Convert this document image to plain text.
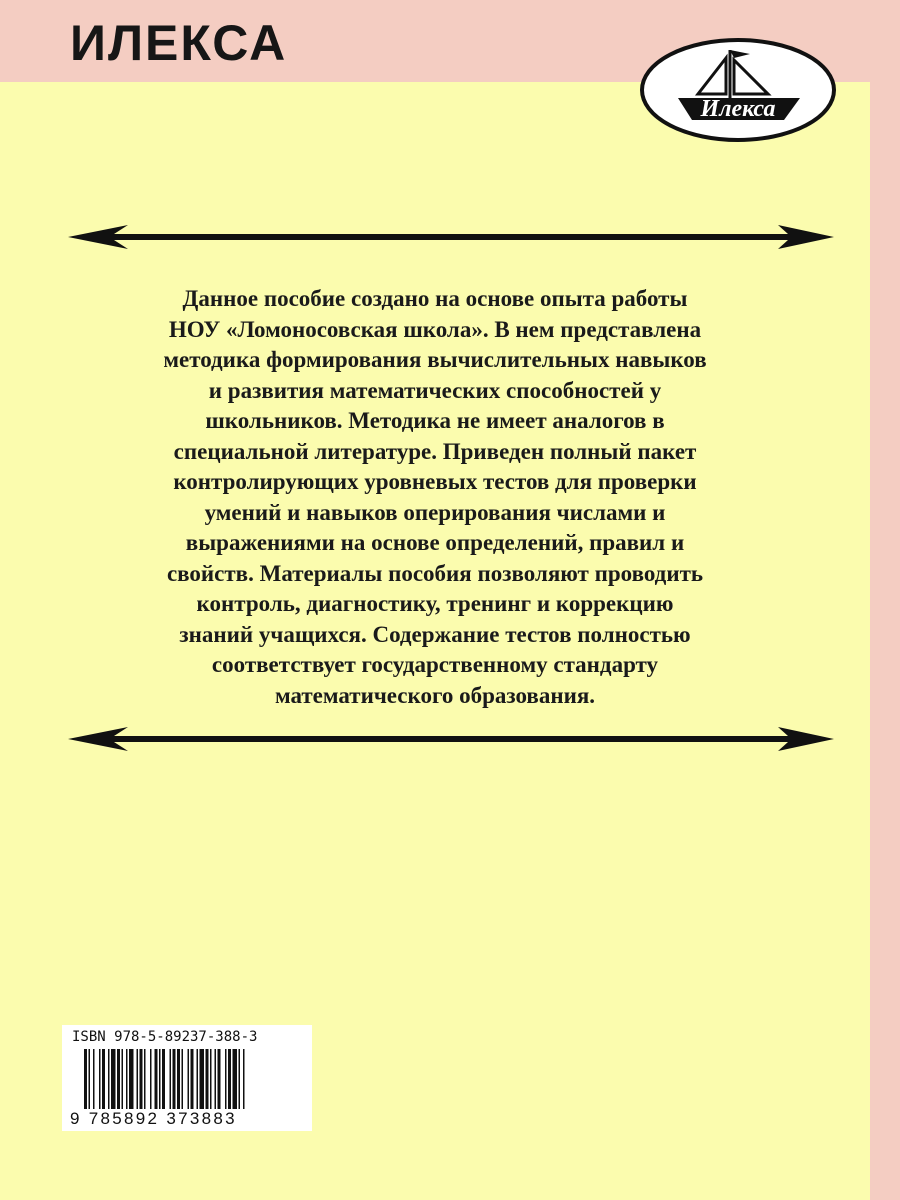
ИЛЕКСА
Илекса
Данное пособие создано на основе опыта работы
НОУ «Ломоносовская школа». В нем представлена
методика формирования вычислительных навыков
и развития математических способностей у
школьников. Методика не имеет аналогов в
специальной литературе. Приведен полный пакет
контролирующих уровневых тестов для проверки
умений и навыков оперирования числами и
выражениями на основе определений, правил и
свойств. Материалы пособия позволяют проводить
контроль, диагностику, тренинг и коррекцию
знаний учащихся. Содержание тестов полностью
соответствует государственному стандарту
математического образования.

ISBN 978-5-89237-388-3

9 785892 373883
